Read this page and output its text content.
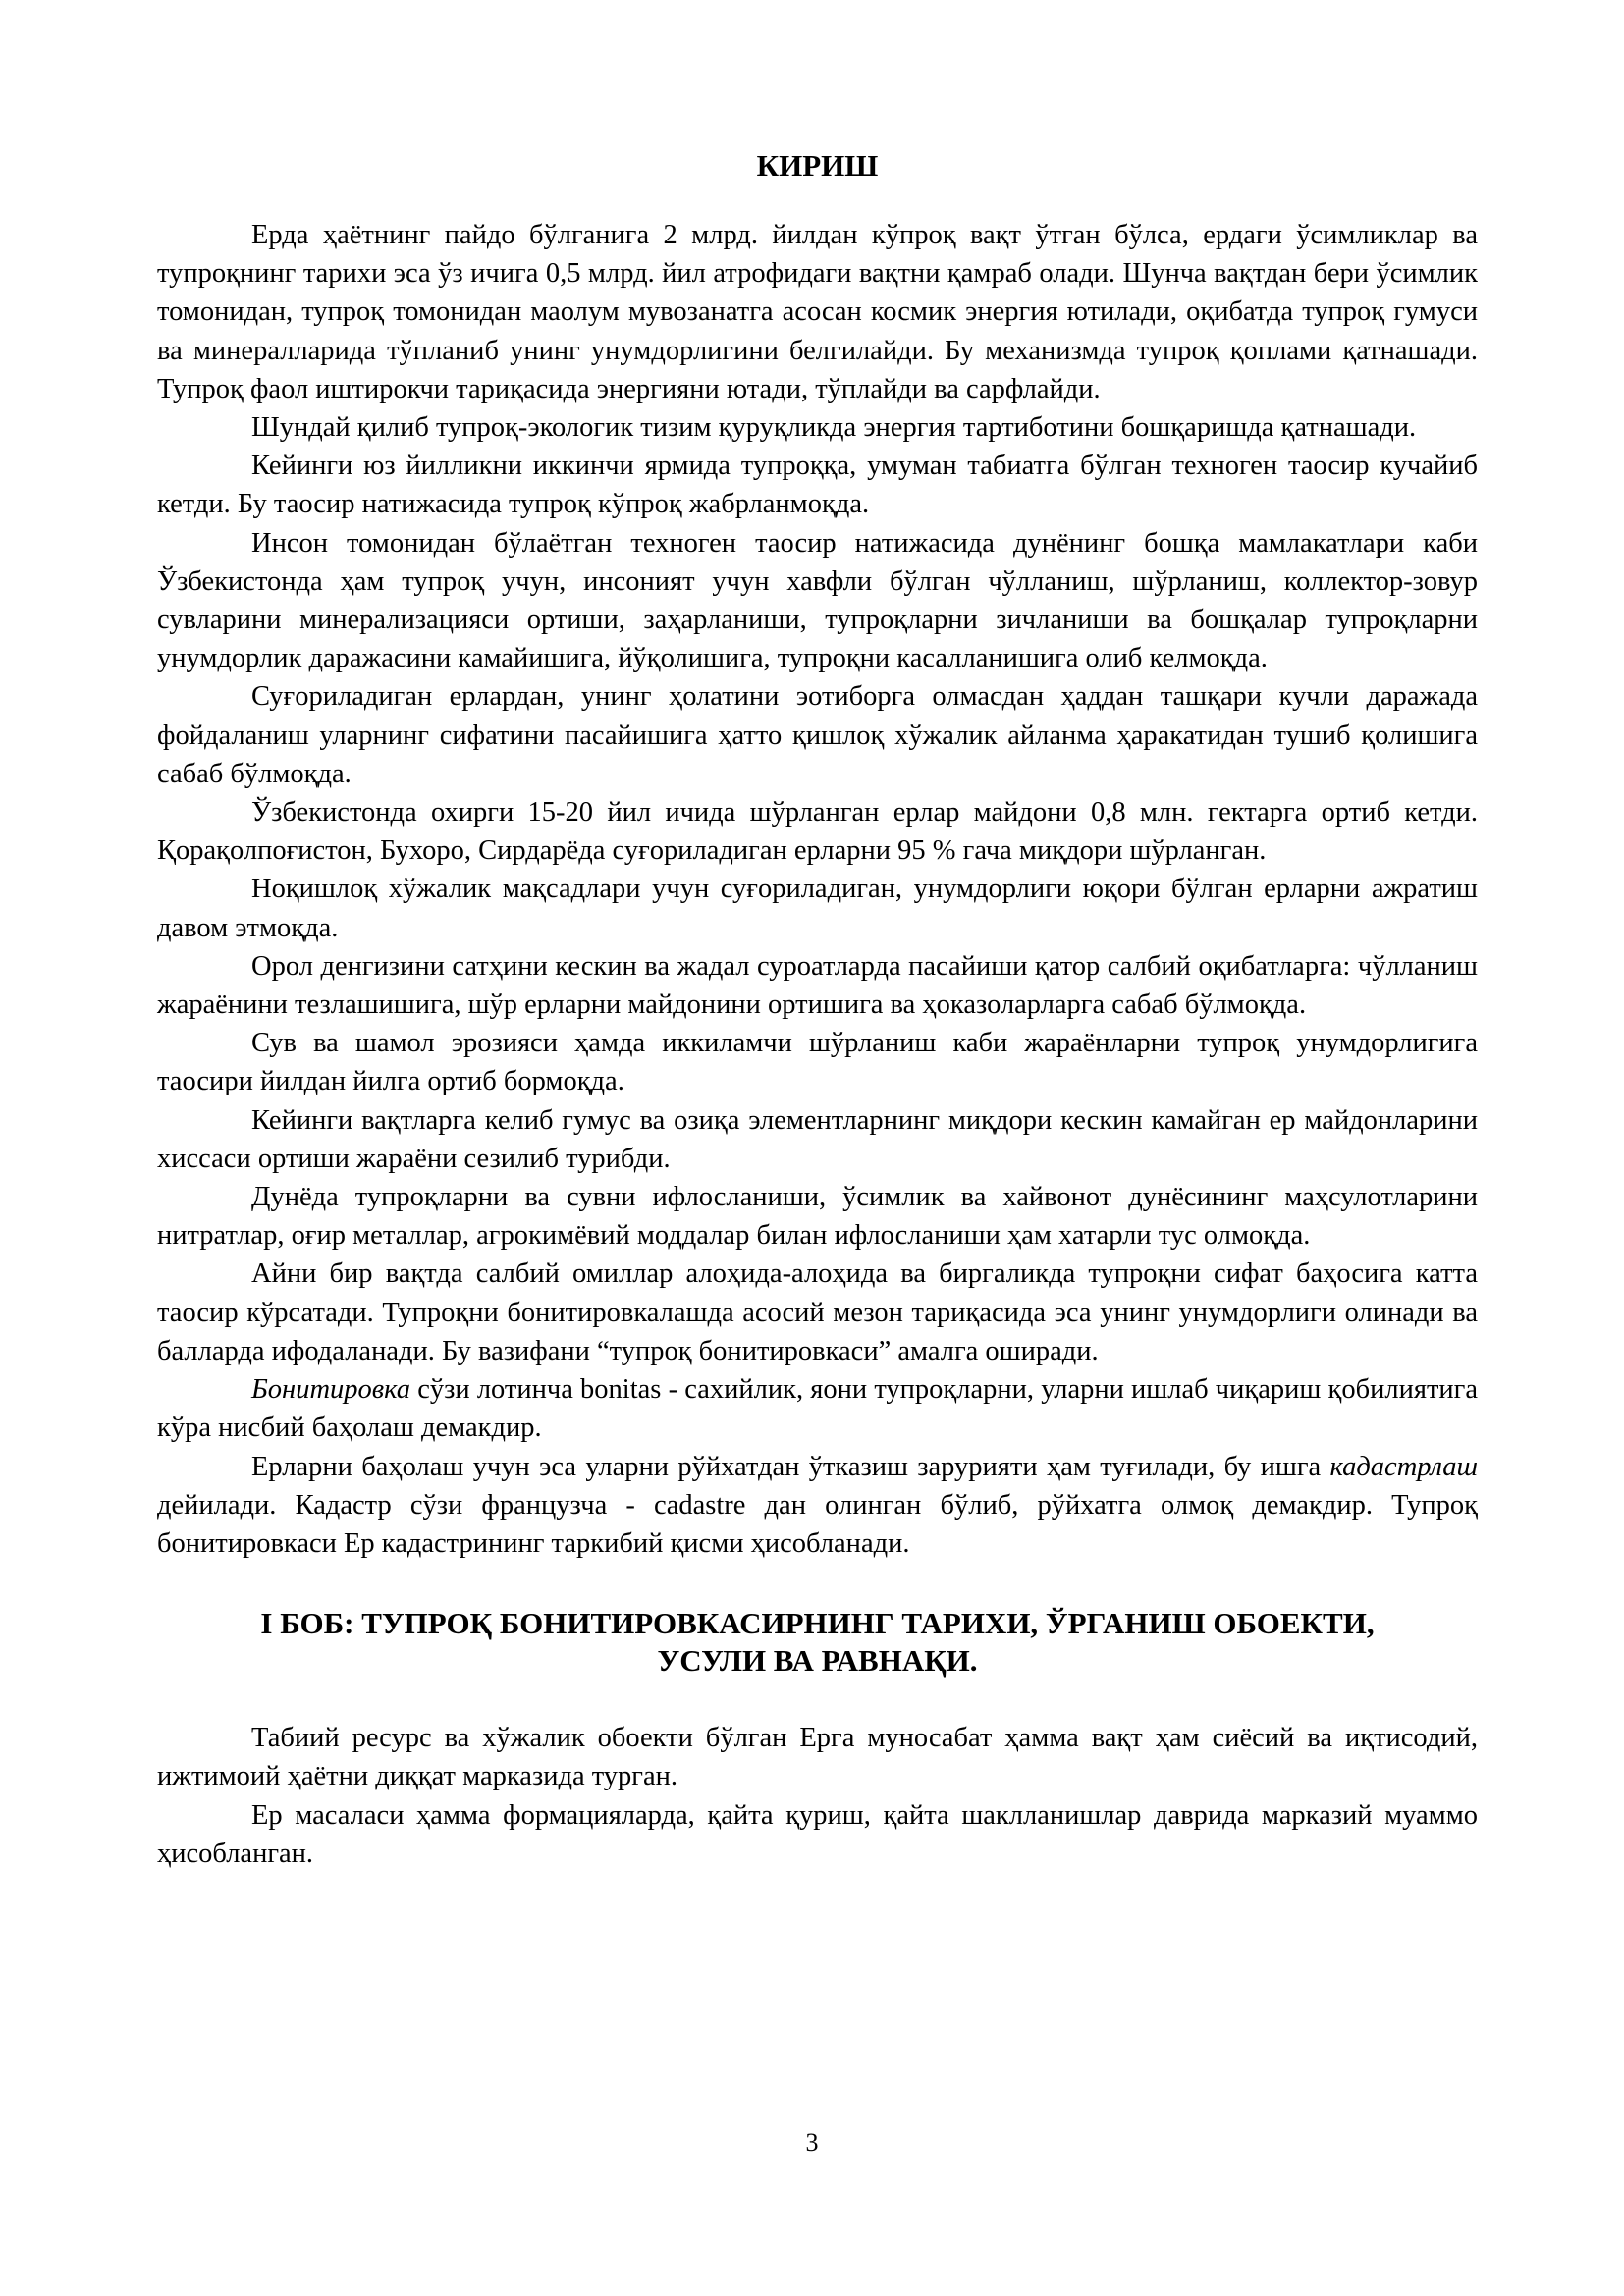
КИРИШ

Ерда ҳаётнинг пайдо бўлганига 2 млрд. йилдан кўпроқ вақт ўтган бўлса, ердаги ўсимликлар ва тупроқнинг тарихи эса ўз ичига 0,5 млрд. йил атрофидаги вақтни қамраб олади. Шунча вақтдан бери ўсимлик томонидан, тупроқ томонидан маолум мувозанатга асосан космик энергия ютилади, оқибатда тупроқ гумуси ва минералларида тўпланиб унинг унумдорлигини белгилайди. Бу механизмда тупроқ қоплами қатнашади. Тупроқ фаол иштирокчи тариқасида энергияни ютади, тўплайди ва сарфлайди.

Шундай қилиб тупроқ-экологик тизим қуруқликда энергия тартиботини бошқаришда қатнашади.

Кейинги юз йилликни иккинчи ярмида тупроққа, умуман табиатга бўлган техноген таосир кучайиб кетди. Бу таосир натижасида тупроқ кўпроқ жабрланмоқда.

Инсон томонидан бўлаётган техноген таосир натижасида дунёнинг бошқа мамлакатлари каби Ўзбекистонда ҳам тупроқ учун, инсоният учун хавфли бўлган чўлланиш, шўрланиш, коллектор-зовур сувларини минерализацияси ортиши, заҳарланиши, тупроқларни зичланиши ва бошқалар тупроқларни унумдорлик даражасини камайишига, йўқолишига, тупроқни касалланишига олиб келмоқда.

Суғориладиган ерлардан, унинг ҳолатини эотиборга олмасдан ҳаддан ташқари кучли даражада фойдаланиш уларнинг сифатини пасайишига ҳатто қишлоқ хўжалик айланма ҳаракатидан тушиб қолишига сабаб бўлмоқда.

Ўзбекистонда охирги 15-20 йил ичида шўрланган ерлар майдони 0,8 млн. гектарга ортиб кетди. Қорақолпоғистон, Бухоро, Сирдарёда суғориладиган ерларни 95 % гача миқдори шўрланган.

Ноқишлоқ хўжалик мақсадлари учун суғориладиган, унумдорлиги юқори бўлган ерларни ажратиш давом этмоқда.

Орол денгизини сатҳини кескин ва жадал суроатларда пасайиши қатор салбий оқибатларга: чўлланиш жараёнини тезлашишига, шўр ерларни майдонини ортишига ва ҳоказоларларга сабаб бўлмоқда.

Сув ва шамол эрозияси ҳамда иккиламчи шўрланиш каби жараёнларни тупроқ унумдорлигига таосири йилдан йилга ортиб бормоқда.

Кейинги вақтларга келиб гумус ва озиқа элементларнинг миқдори кескин камайган ер майдонларини хиссаси ортиши жараёни сезилиб турибди.

Дунёда тупроқларни ва сувни ифлосланиши, ўсимлик ва хайвонот дунёсининг маҳсулотларини нитратлар, оғир металлар, агрокимёвий моддалар билан ифлосланиши ҳам хатарли тус олмоқда.

Айни бир вақтда салбий омиллар алоҳида-алоҳида ва биргаликда тупроқни сифат баҳосига катта таосир кўрсатади. Тупроқни бонитировкалашда асосий мезон тариқасида эса унинг унумдорлиги олинади ва балларда ифодаланади. Бу вазифани “тупроқ бонитировкаси” амалга оширади.

Бонитировка сўзи лотинча bonitas - сахийлик, яони тупроқларни, уларни ишлаб чиқариш қобилиятига кўра нисбий баҳолаш демакдир.

Ерларни баҳолаш учун эса уларни рўйхатдан ўтказиш зарурияти ҳам туғилади, бу ишга кадастрлаш дейилади. Кадастр сўзи французча - cadastre дан олинган бўлиб, рўйхатга олмоқ демакдир. Тупроқ бонитировкаси Ер кадастрининг таркибий қисми ҳисобланади.

I БОБ: ТУПРОҚ БОНИТИРОВКАСИРНИНГ ТАРИХИ, ЎРГАНИШ ОБОЕКТИ,
УСУЛИ ВА РАВНАҚИ.

Табиий ресурс ва хўжалик обоекти бўлган Ерга муносабат ҳамма вақт ҳам сиёсий ва иқтисодий, ижтимоий ҳаётни диққат марказида турган.

Ер масаласи ҳамма формацияларда, қайта қуриш, қайта шаклланишлар даврида марказий муаммо ҳисобланган.

3
